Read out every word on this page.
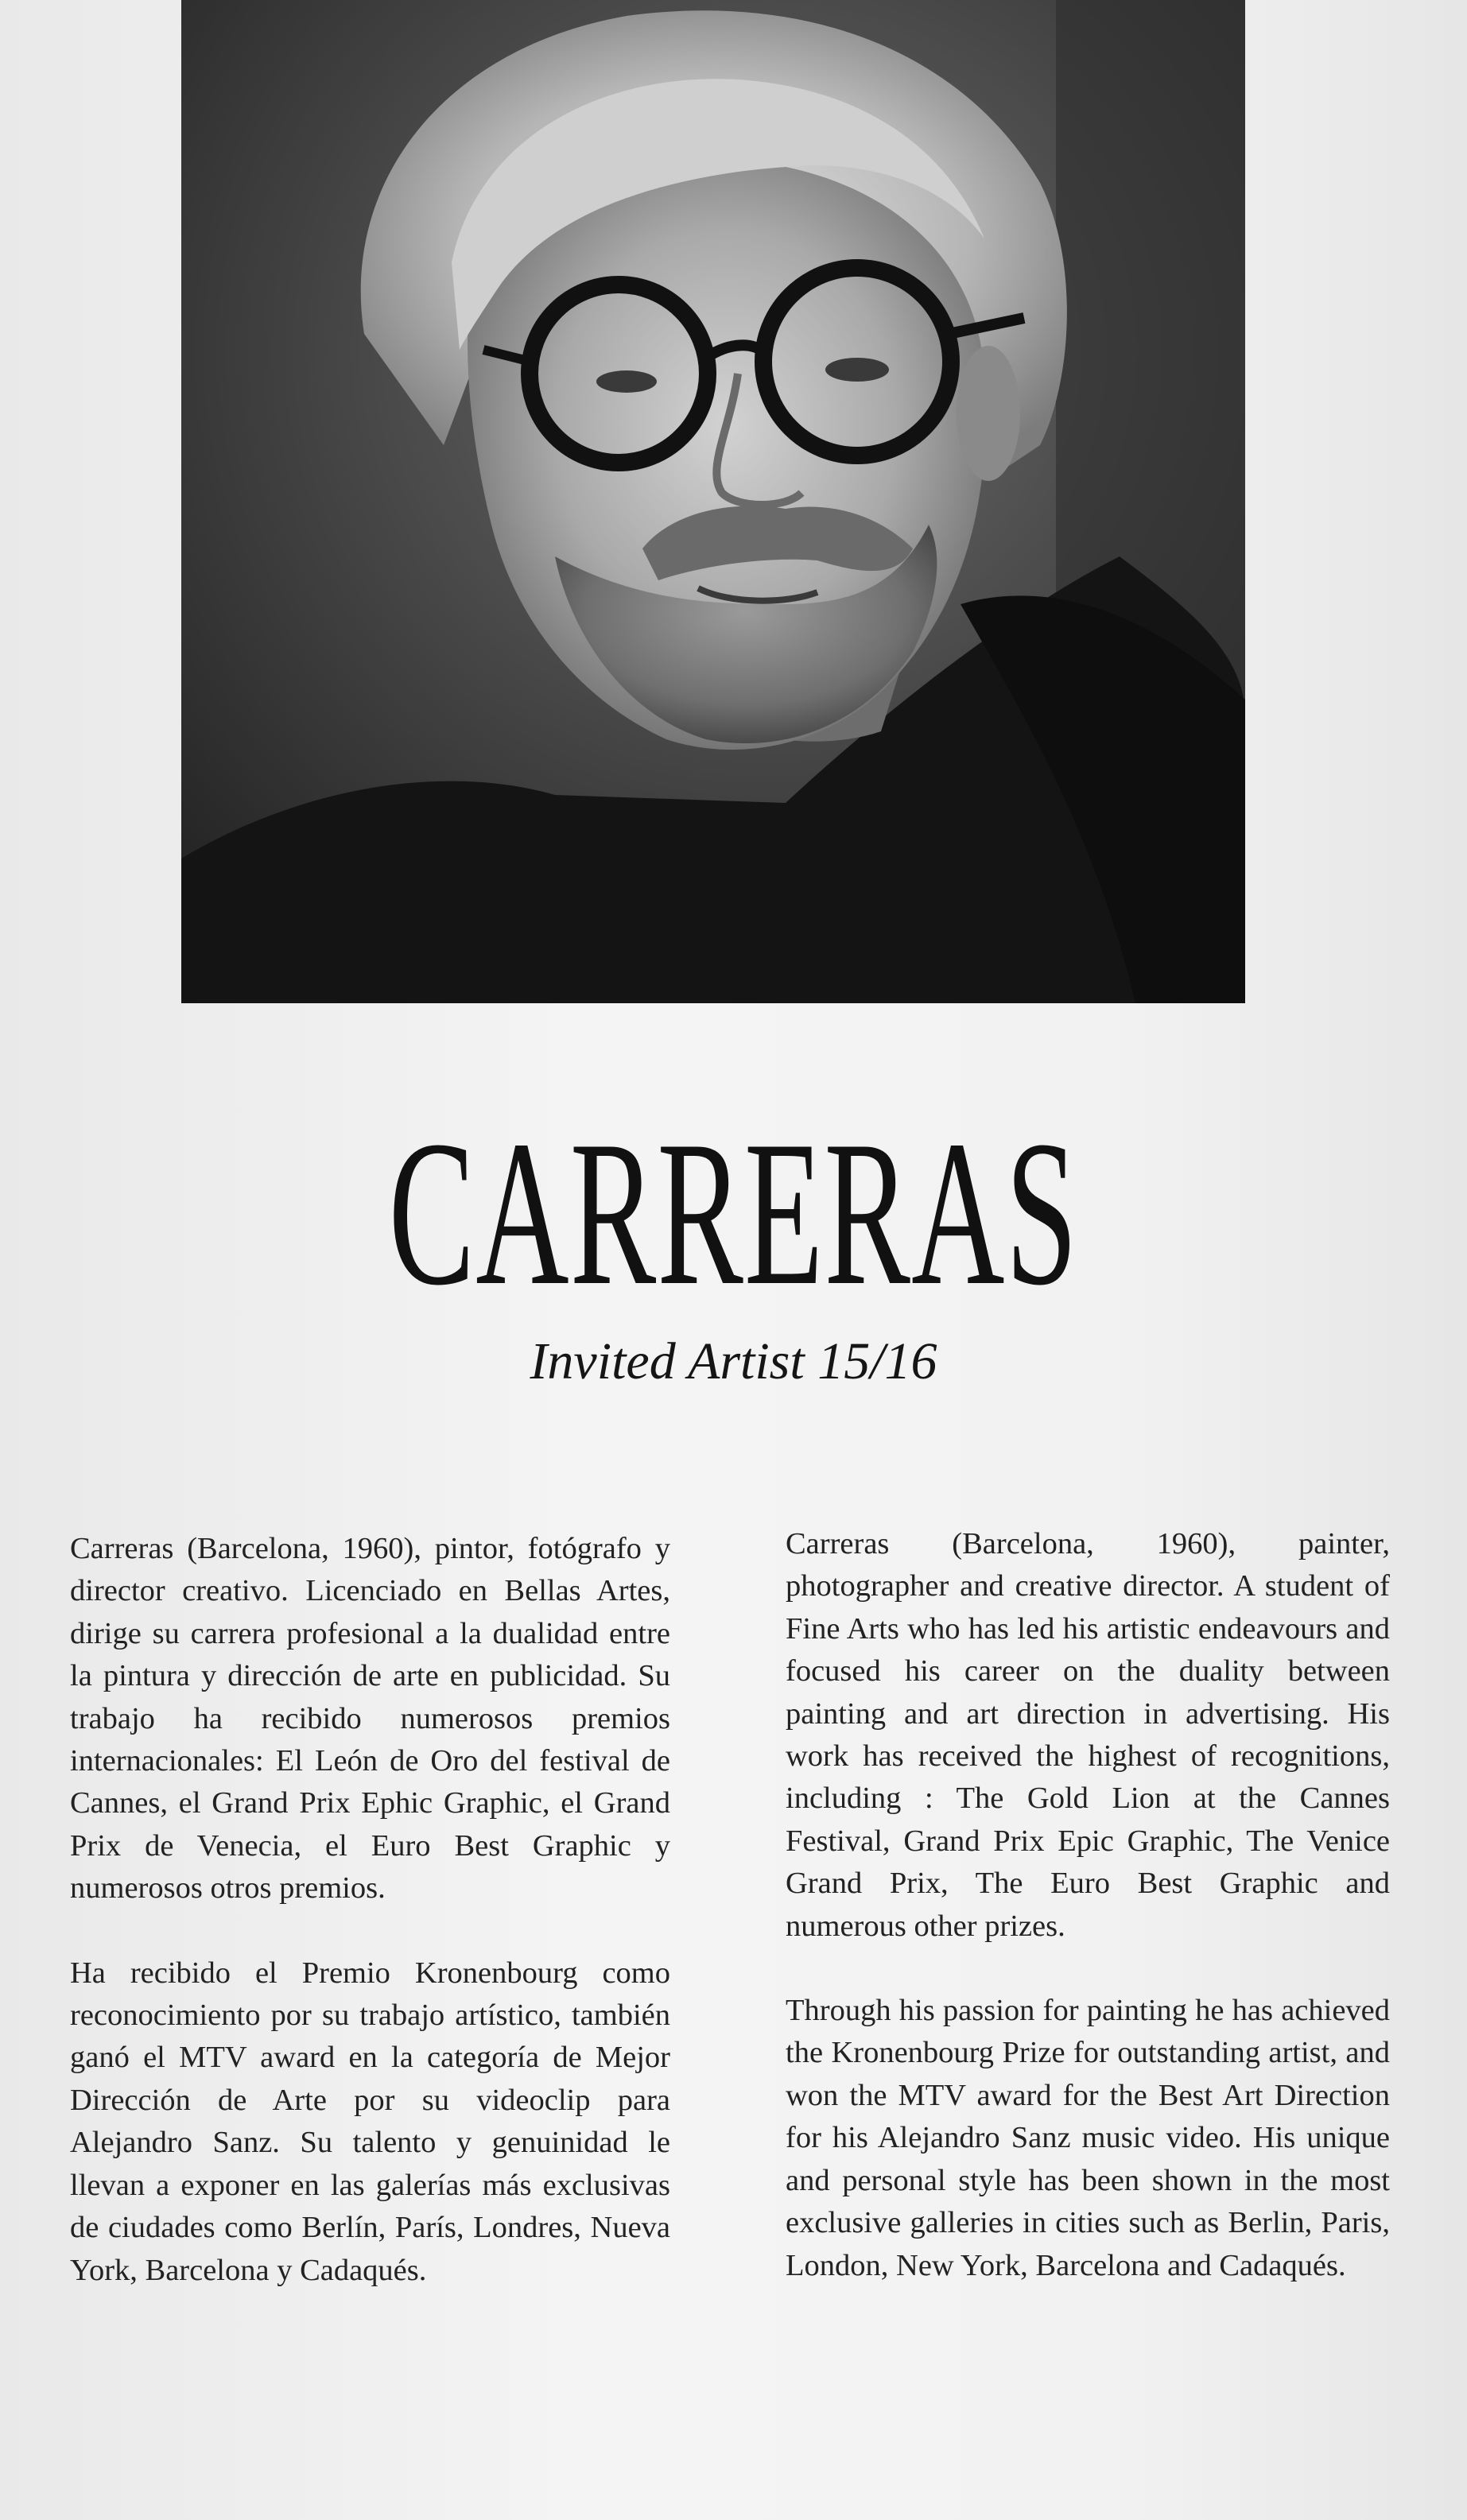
CARRERAS
Invited Artist 15/16

Carreras (Barcelona, 1960), pintor, fotógrafo y director creativo. Licenciado en Bellas Artes, dirige su carrera profesional a la dualidad entre la pintura y dirección de arte en publicidad. Su trabajo ha recibido numerosos premios internacionales: El León de Oro del festival de Cannes, el Grand Prix Ephic Graphic, el Grand Prix de Venecia, el Euro Best Graphic y numerosos otros premios.

Ha recibido el Premio Kronenbourg como reconocimiento por su trabajo artístico, también ganó el MTV award en la categoría de Mejor Dirección de Arte por su videoclip para Alejandro Sanz. Su talento y genuinidad le llevan a exponer en las galerías más exclusivas de ciudades como Berlín, París, Londres, Nueva York, Barcelona y Cadaqués.

Carreras (Barcelona, 1960), painter, photographer and creative director. A student of Fine Arts who has led his artistic endeavours and focused his career on the duality between painting and art direction in advertising. His work has received the highest of recognitions, including : The Gold Lion at the Cannes Festival, Grand Prix Epic Graphic, The Venice Grand Prix, The Euro Best Graphic and numerous other prizes.

Through his passion for painting he has achieved the Kronenbourg Prize for outstanding artist, and won the MTV award for the Best Art Direction for his Alejandro Sanz music video. His unique and personal style has been shown in the most exclusive galleries in cities such as Berlin, Paris, London, New York, Barcelona and Cadaqués.
